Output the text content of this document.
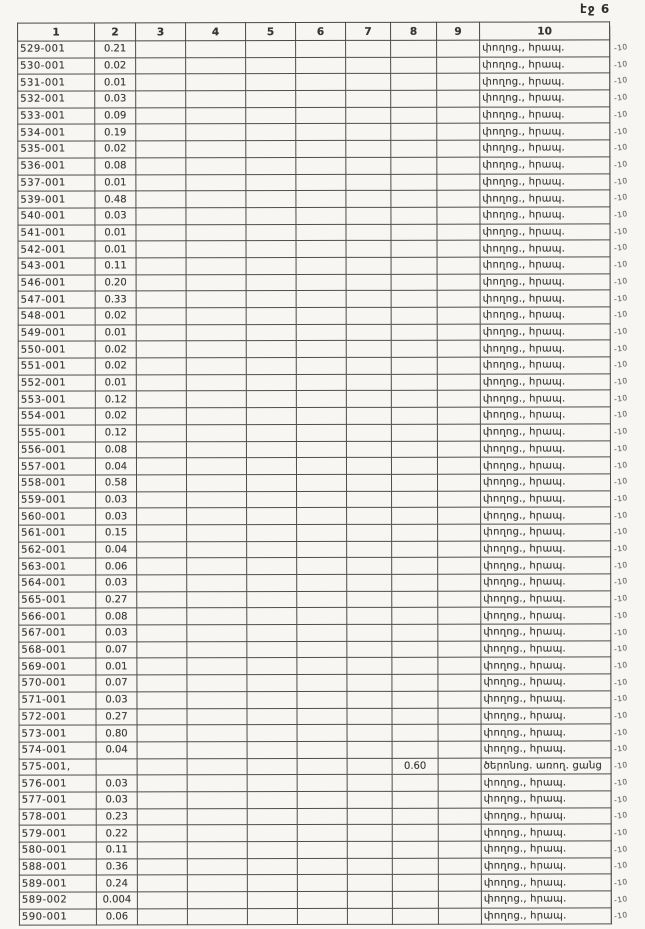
էջ 6
1	2	3	4	5	6	7	8	9	10
529-001	0.21								փողոց., հրապ.
530-001	0.02								փողոց., հրապ.
531-001	0.01								փողոց., հրապ.
532-001	0.03								փողոց., հրապ.
533-001	0.09								փողոց., հրապ.
534-001	0.19								փողոց., հրապ.
535-001	0.02								փողոց., հրապ.
536-001	0.08								փողոց., հրապ.
537-001	0.01								փողոց., հրապ.
539-001	0.48								փողոց., հրապ.
540-001	0.03								փողոց., հրապ.
541-001	0.01								փողոց., հրապ.
542-001	0.01								փողոց., հրապ.
543-001	0.11								փողոց., հրապ.
546-001	0.20								փողոց., հրապ.
547-001	0.33								փողոց., հրապ.
548-001	0.02								փողոց., հրապ.
549-001	0.01								փողոց., հրապ.
550-001	0.02								փողոց., հրապ.
551-001	0.02								փողոց., հրապ.
552-001	0.01								փողոց., հրապ.
553-001	0.12								փողոց., հրապ.
554-001	0.02								փողոց., հրապ.
555-001	0.12								փողոց., հրապ.
556-001	0.08								փողոց., հրապ.
557-001	0.04								փողոց., հրապ.
558-001	0.58								փողոց., հրապ.
559-001	0.03								փողոց., հրապ.
560-001	0.03								փողոց., հրապ.
561-001	0.15								փողոց., հրապ.
562-001	0.04								փողոց., հրապ.
563-001	0.06								փողոց., հրապ.
564-001	0.03								փողոց., հրապ.
565-001	0.27								փողոց., հրապ.
566-001	0.08								փողոց., հրապ.
567-001	0.03								փողոց., հրապ.
568-001	0.07								փողոց., հրապ.
569-001	0.01								փողոց., հրապ.
570-001	0.07								փողոց., հրապ.
571-001	0.03								փողոց., հրապ.
572-001	0.27								փողոց., հրապ.
573-001	0.80								փողոց., հրապ.
574-001	0.04								փողոց., հրապ.
575-001,							0.60		ծերոնոց. առող. ցանց
576-001	0.03								փողոց., հրապ.
577-001	0.03								փողոց., հրապ.
578-001	0.23								փողոց., հրապ.
579-001	0.22								փողոց., հրապ.
580-001	0.11								փողոց., հրապ.
588-001	0.36								փողոց., հրապ.
589-001	0.24								փողոց., հրապ.
589-002	0.004								փողոց., հրապ.
590-001	0.06								փողոց., հրապ.
-10
-10
-10
-10
-10
-10
-10
-10
-10
-10
-10
-10
-10
-10
-10
-10
-10
-10
-10
-10
-10
-10
-10
-10
-10
-10
-10
-10
-10
-10
-10
-10
-10
-10
-10
-10
-10
-10
-10
-10
-10
-10
-10
-10
-10
-10
-10
-10
-10
-10
-10
-10
-10
